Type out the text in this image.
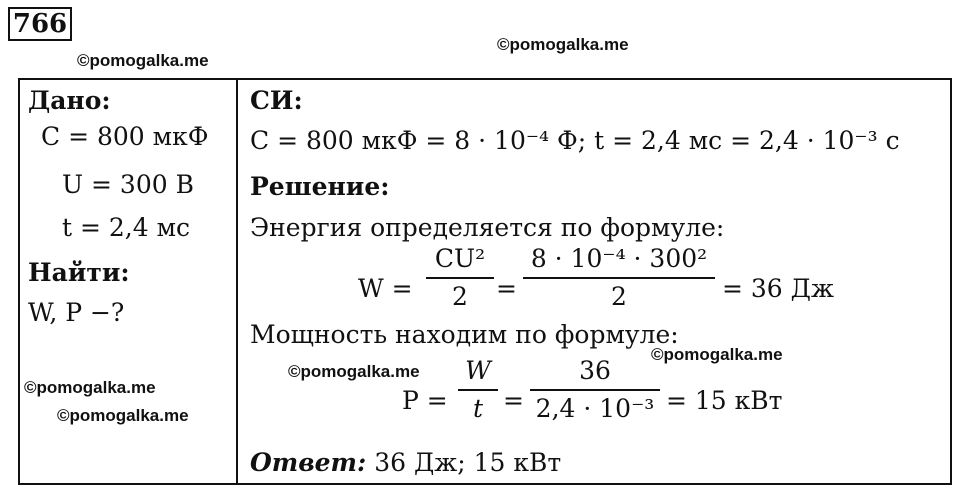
766
©pomogalka.me
©pomogalka.me
©pomogalka.me
©pomogalka.me
©pomogalka.me
©pomogalka.me
Дано:
C = 800 мкФ
U = 300 В
t = 2,4 мс
Найти:
W, P −?
СИ:
C = 800 мкФ = 8 · 10⁻⁴ Ф; t = 2,4 мс = 2,4 · 10⁻³ с
Решение:
Энергия определяется по формуле:
W =
CU²
2	=
8 · 10⁻⁴ · 300²
2	= 36 Дж
Мощность находим по формуле:
P =
W
t =
36
2,4 · 10⁻³ = 15 кВт
Ответ: 36 Дж; 15 кВт
